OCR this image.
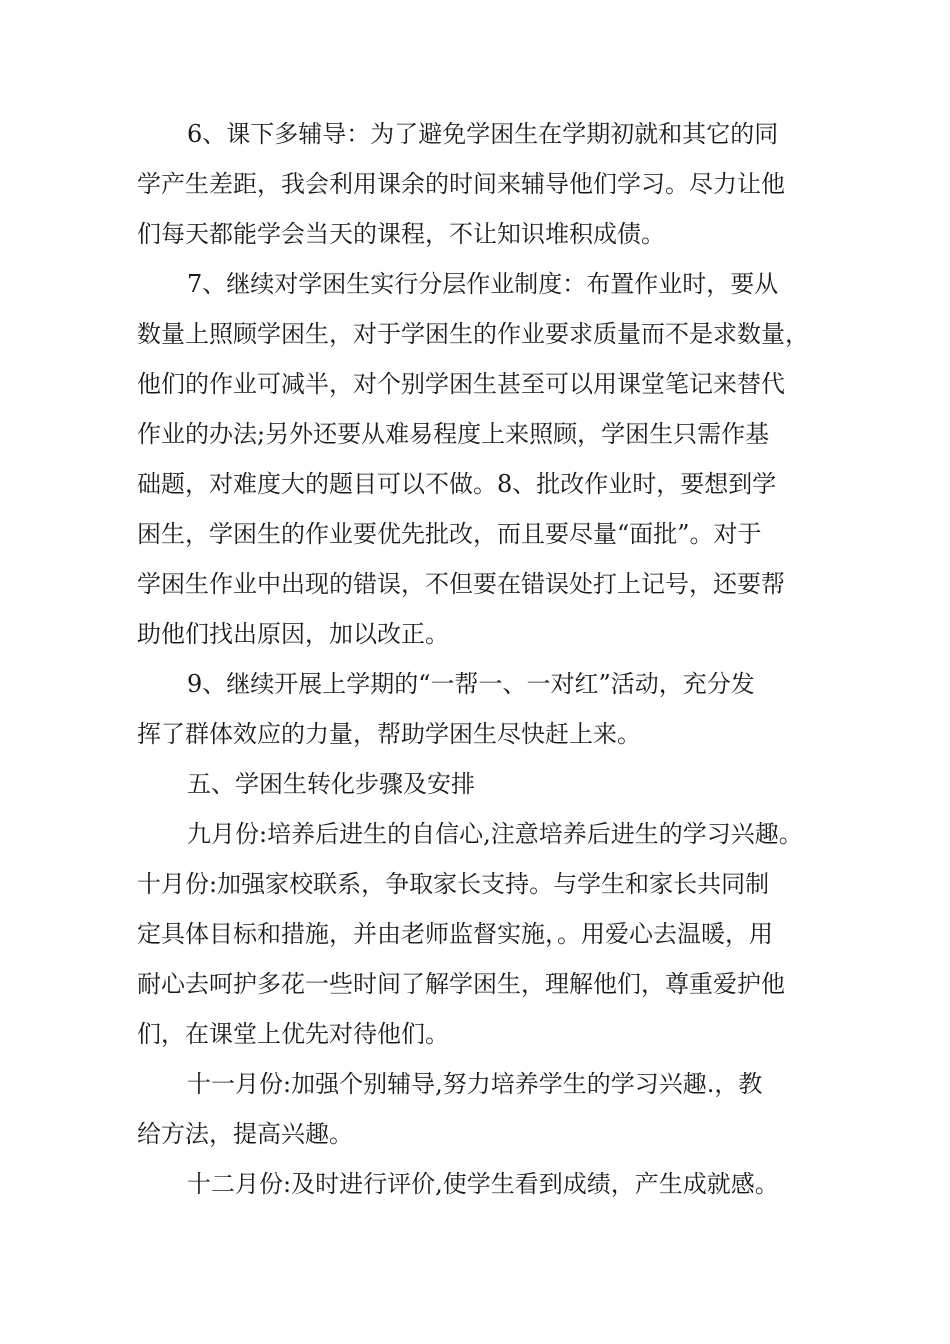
6、课下多辅导：为了避免学困生在学期初就和其它的同
学产生差距，我会利用课余的时间来辅导他们学习。尽力让他
们每天都能学会当天的课程，不让知识堆积成债。
7、继续对学困生实行分层作业制度：布置作业时，要从
数量上照顾学困生，对于学困生的作业要求质量而不是求数量，
他们的作业可减半，对个别学困生甚至可以用课堂笔记来替代
作业的办法;另外还要从难易程度上来照顾，学困生只需作基
础题，对难度大的题目可以不做。8、批改作业时，要想到学
困生，学困生的作业要优先批改，而且要尽量“面批”。对于
学困生作业中出现的错误，不但要在错误处打上记号，还要帮
助他们找出原因，加以改正。
9、继续开展上学期的“一帮一、一对红”活动，充分发
挥了群体效应的力量，帮助学困生尽快赶上来。
五、学困生转化步骤及安排
九月份:培养后进生的自信心,注意培养后进生的学习兴趣。
十月份:加强家校联系，争取家长支持。与学生和家长共同制
定具体目标和措施，并由老师监督实施，。用爱心去温暖，用
耐心去呵护多花一些时间了解学困生，理解他们，尊重爱护他
们，在课堂上优先对待他们。
十一月份:加强个别辅导,努力培养学生的学习兴趣.，教
给方法，提高兴趣。
十二月份:及时进行评价,使学生看到成绩，产生成就感。
